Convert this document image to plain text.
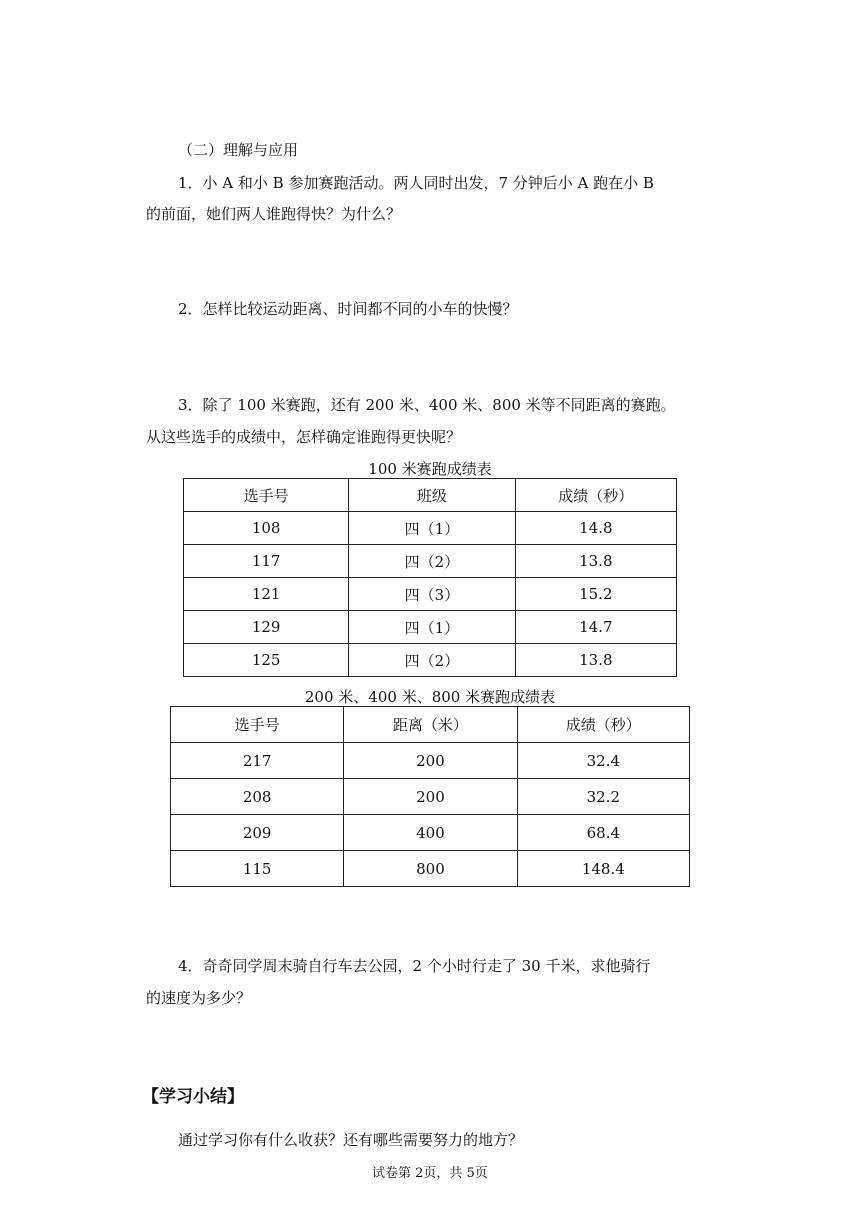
（二）理解与应用
1．小 A 和小 B 参加赛跑活动。两人同时出发，7 分钟后小 A 跑在小 B
的前面，她们两人谁跑得快？为什么？
2．怎样比较运动距离、时间都不同的小车的快慢？
3．除了 100 米赛跑，还有 200 米、400 米、800 米等不同距离的赛跑。
从这些选手的成绩中，怎样确定谁跑得更快呢？
100 米赛跑成绩表
选手号	班级	成绩（秒）
108	四（1）	14.8
117	四（2）	13.8
121	四（3）	15.2
129	四（1）	14.7
125	四（2）	13.8
200 米、400 米、800 米赛跑成绩表
选手号	距离（米）	成绩（秒）
217	200	32.4
208	200	32.2
209	400	68.4
115	800	148.4
4．奇奇同学周末骑自行车去公园，2 个小时行走了 30 千米，求他骑行
的速度为多少？
【学习小结】
通过学习你有什么收获？还有哪些需要努力的地方？
试卷第 2页，共 5页
